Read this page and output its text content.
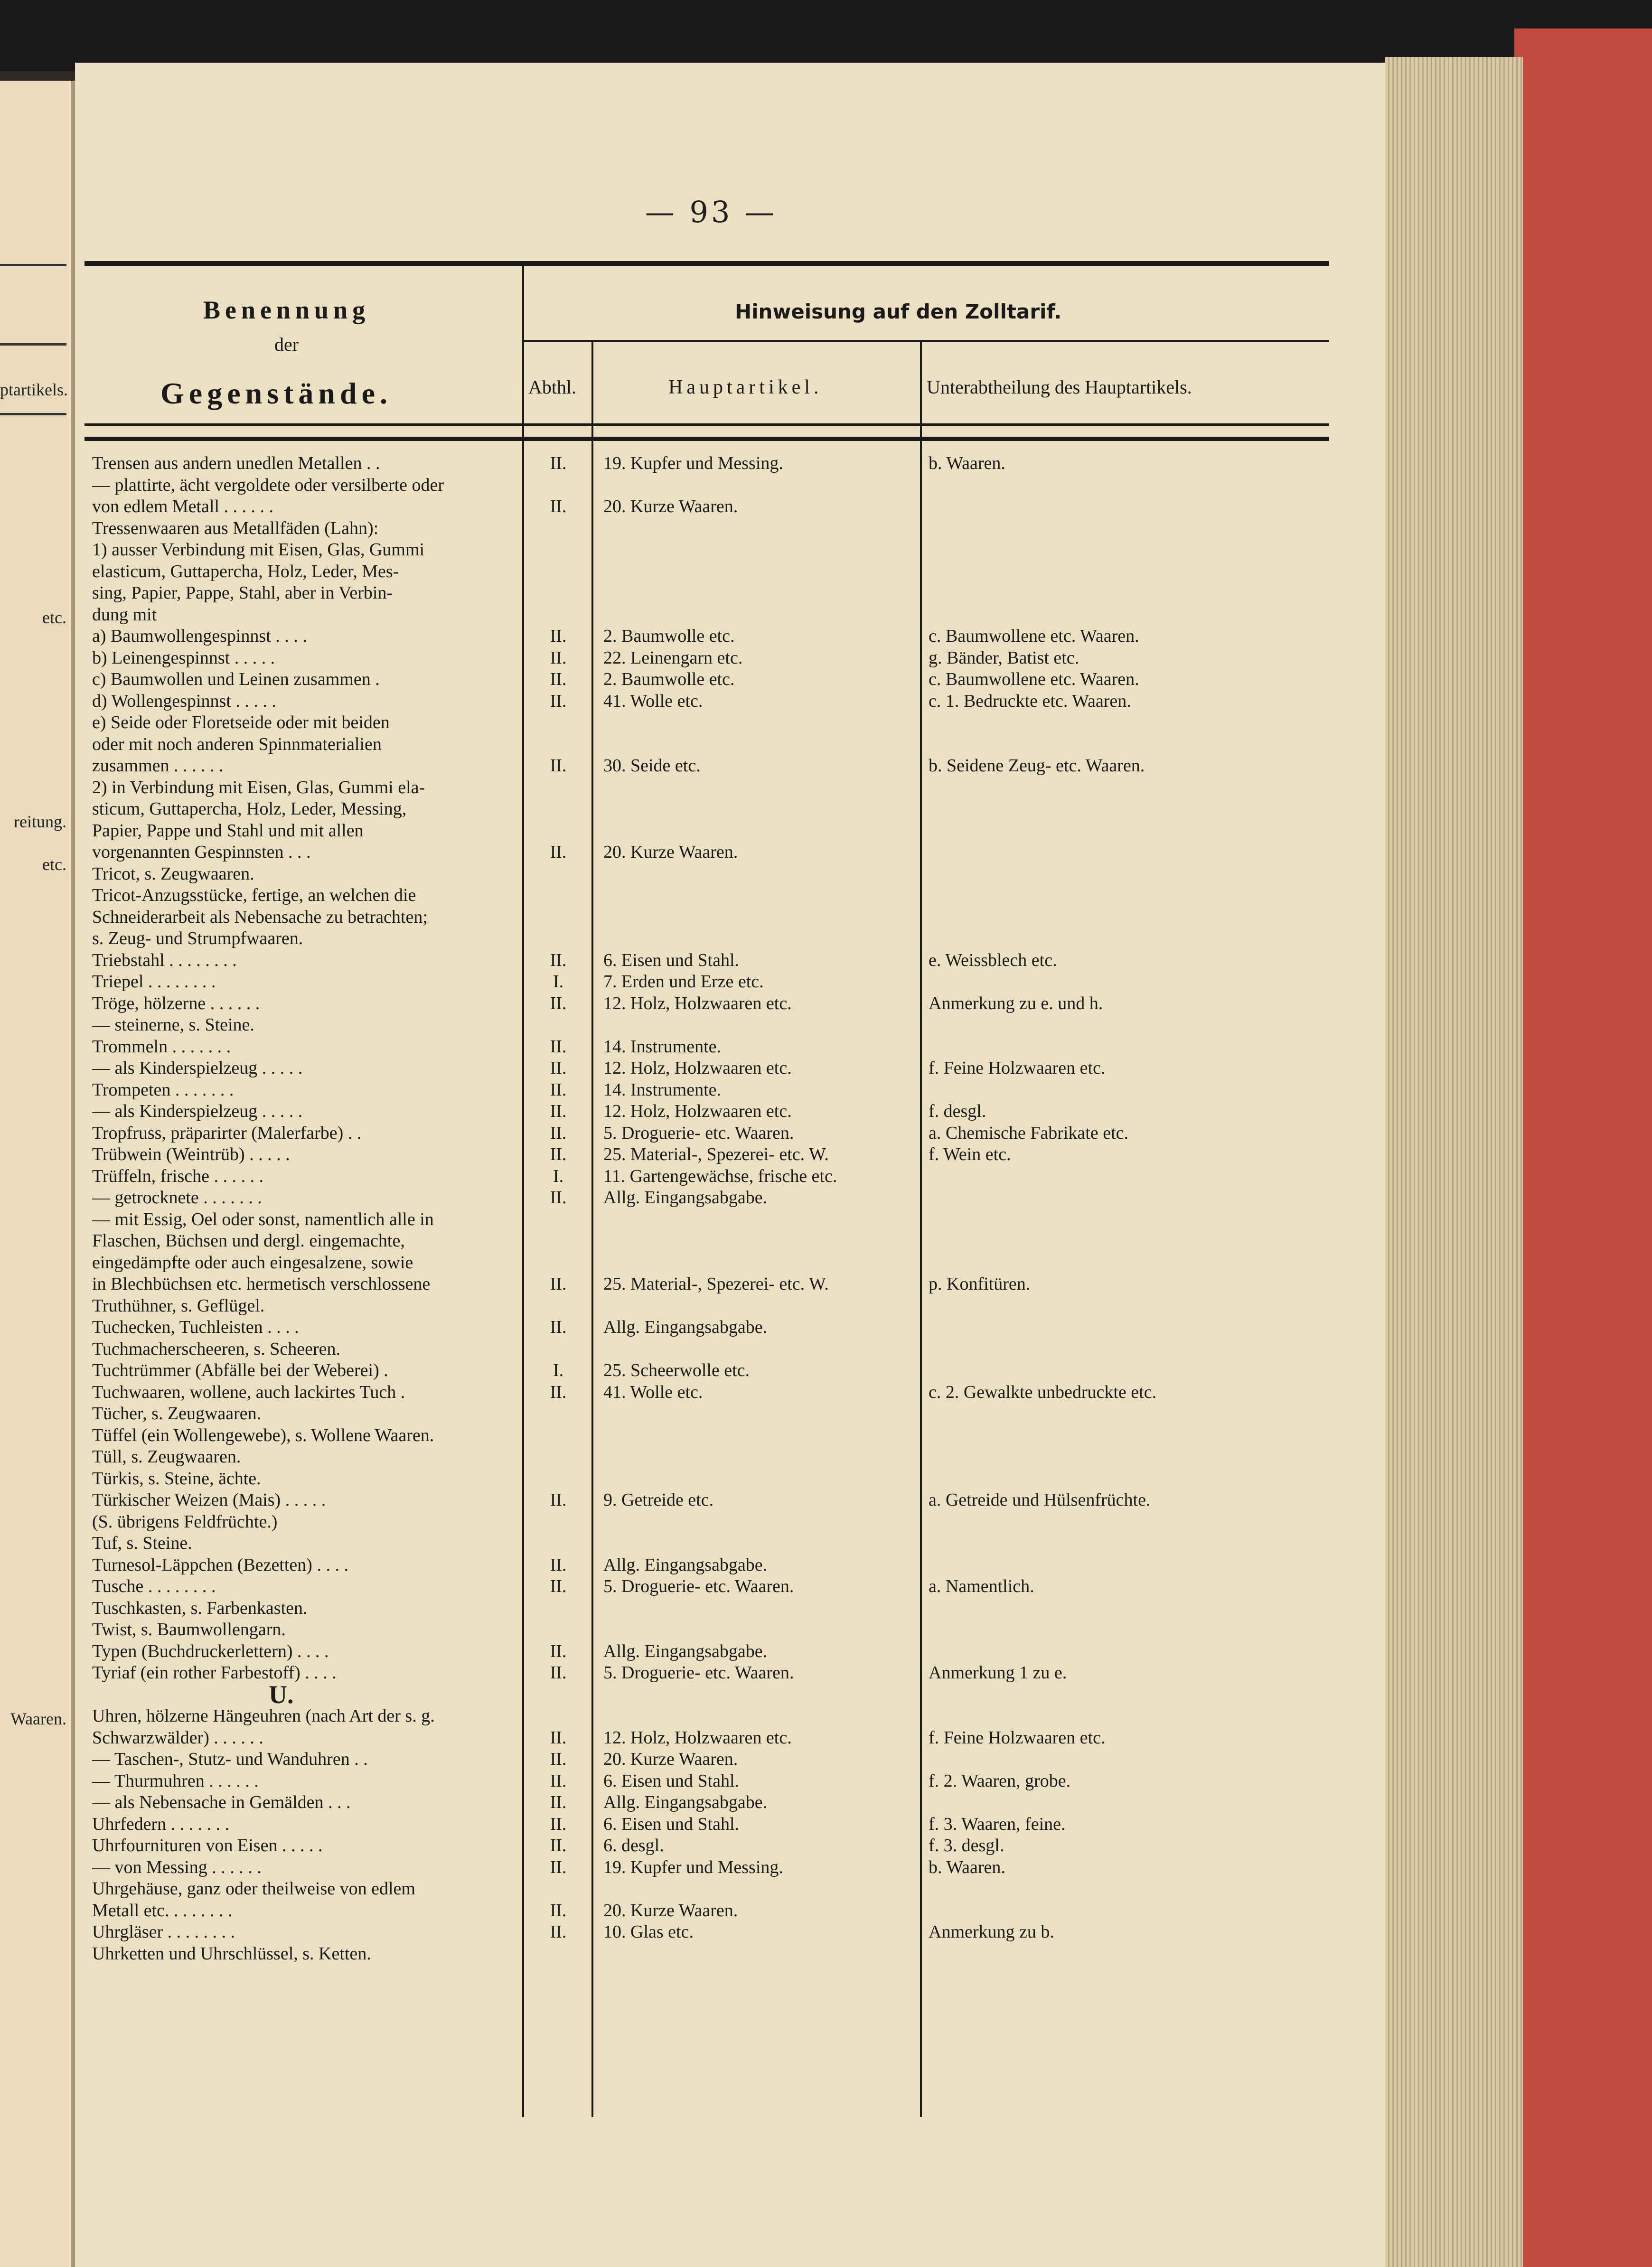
ptartikels.
etc.
reitung.
etc.
Waaren.
— 93 —
Benennung
der
Gegenstände.
Hinweisung auf den Zolltarif.
Abthl.	Hauptartikel.	Unterabtheilung des Hauptartikels.
Trensen aus andern unedlen Metallen . .	II.	19. Kupfer und Messing.	b. Waaren.
— plattirte, ächt vergoldete oder versilberte oder
von edlem Metall . . . . . .	II.	20. Kurze Waaren.
Tressenwaaren aus Metallfäden (Lahn):
1) ausser Verbindung mit Eisen, Glas, Gummi
elasticum, Guttapercha, Holz, Leder, Mes-
sing, Papier, Pappe, Stahl, aber in Verbin-
dung mit
a) Baumwollengespinnst . . . .	II.	2. Baumwolle etc.	c. Baumwollene etc. Waaren.
b) Leinengespinnst . . . . .	II.	22. Leinengarn etc.	g. Bänder, Batist etc.
c) Baumwollen und Leinen zusammen .	II.	2. Baumwolle etc.	c. Baumwollene etc. Waaren.
d) Wollengespinnst . . . . .	II.	41. Wolle etc.	c. 1. Bedruckte etc. Waaren.
e) Seide oder Floretseide oder mit beiden
oder mit noch anderen Spinnmaterialien
zusammen . . . . . .	II.	30. Seide etc.	b. Seidene Zeug- etc. Waaren.
2) in Verbindung mit Eisen, Glas, Gummi ela-
sticum, Guttapercha, Holz, Leder, Messing,
Papier, Pappe und Stahl und mit allen
vorgenannten Gespinnsten . . .	II.	20. Kurze Waaren.
Tricot, s. Zeugwaaren.
Tricot-Anzugsstücke, fertige, an welchen die
Schneiderarbeit als Nebensache zu betrachten;
s. Zeug- und Strumpfwaaren.
Triebstahl . . . . . . . .	II.	6. Eisen und Stahl.	e. Weissblech etc.
Triepel . . . . . . . .	I.	7. Erden und Erze etc.
Tröge, hölzerne . . . . . .	II.	12. Holz, Holzwaaren etc.	Anmerkung zu e. und h.
— steinerne, s. Steine.
Trommeln . . . . . . .	II.	14. Instrumente.
— als Kinderspielzeug . . . . .	II.	12. Holz, Holzwaaren etc.	f. Feine Holzwaaren etc.
Trompeten . . . . . . .	II.	14. Instrumente.
— als Kinderspielzeug . . . . .	II.	12. Holz, Holzwaaren etc.	f. desgl.
Tropfruss, präparirter (Malerfarbe) . .	II.	5. Droguerie- etc. Waaren.	a. Chemische Fabrikate etc.
Trübwein (Weintrüb) . . . . .	II.	25. Material-, Spezerei- etc. W.	f. Wein etc.
Trüffeln, frische . . . . . .	I.	11. Gartengewächse, frische etc.
— getrocknete . . . . . . .	II.	Allg. Eingangsabgabe.
— mit Essig, Oel oder sonst, namentlich alle in
Flaschen, Büchsen und dergl. eingemachte,
eingedämpfte oder auch eingesalzene, sowie
in Blechbüchsen etc. hermetisch verschlossene	II.	25. Material-, Spezerei- etc. W.	p. Konfitüren.
Truthühner, s. Geflügel.
Tuchecken, Tuchleisten . . . .	II.	Allg. Eingangsabgabe.
Tuchmacherscheeren, s. Scheeren.
Tuchtrümmer (Abfälle bei der Weberei) .	I.	25. Scheerwolle etc.
Tuchwaaren, wollene, auch lackirtes Tuch .	II.	41. Wolle etc.	c. 2. Gewalkte unbedruckte etc.
Tücher, s. Zeugwaaren.
Tüffel (ein Wollengewebe), s. Wollene Waaren.
Tüll, s. Zeugwaaren.
Türkis, s. Steine, ächte.
Türkischer Weizen (Mais) . . . . .	II.	9. Getreide etc.	a. Getreide und Hülsenfrüchte.
(S. übrigens Feldfrüchte.)
Tuf, s. Steine.
Turnesol-Läppchen (Bezetten) . . . .	II.	Allg. Eingangsabgabe.
Tusche . . . . . . . .	II.	5. Droguerie- etc. Waaren.	a. Namentlich.
Tuschkasten, s. Farbenkasten.
Twist, s. Baumwollengarn.
Typen (Buchdruckerlettern) . . . .	II.	Allg. Eingangsabgabe.
Tyriaf (ein rother Farbestoff) . . . .	II.	5. Droguerie- etc. Waaren.	Anmerkung 1 zu e.
U.
Uhren, hölzerne Hängeuhren (nach Art der s. g.
Schwarzwälder) . . . . . .	II.	12. Holz, Holzwaaren etc.	f. Feine Holzwaaren etc.
— Taschen-, Stutz- und Wanduhren . .	II.	20. Kurze Waaren.
— Thurmuhren . . . . . .	II.	6. Eisen und Stahl.	f. 2. Waaren, grobe.
— als Nebensache in Gemälden . . .	II.	Allg. Eingangsabgabe.
Uhrfedern . . . . . . .	II.	6. Eisen und Stahl.	f. 3. Waaren, feine.
Uhrfournituren von Eisen . . . . .	II.	6. desgl.	f. 3. desgl.
— von Messing . . . . . .	II.	19. Kupfer und Messing.	b. Waaren.
Uhrgehäuse, ganz oder theilweise von edlem
Metall etc. . . . . . . .	II.	20. Kurze Waaren.
Uhrgläser . . . . . . . .	II.	10. Glas etc.	Anmerkung zu b.
Uhrketten und Uhrschlüssel, s. Ketten.
